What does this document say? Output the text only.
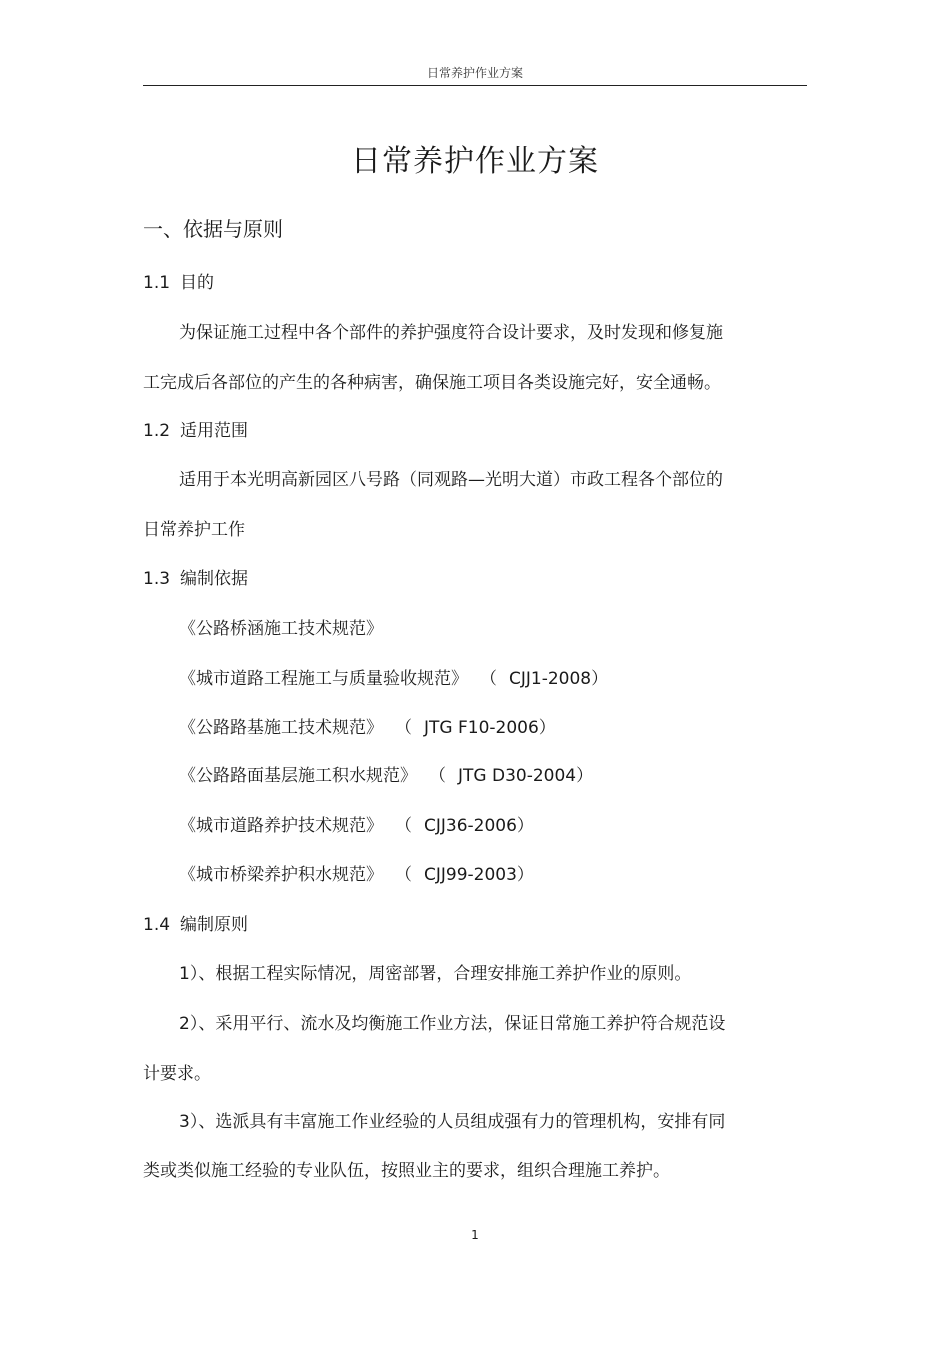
日常养护作业方案
日常养护作业方案
一、依据与原则
1.1 目的
为保证施工过程中各个部件的养护强度符合设计要求，及时发现和修复施
工完成后各部位的产生的各种病害，确保施工项目各类设施完好，安全通畅。
1.2 适用范围
适用于本光明高新园区八号路（同观路—光明大道）市政工程各个部位的
日常养护工作
1.3 编制依据
《公路桥涵施工技术规范》
《城市道路工程施工与质量验收规范》 （ CJJ1-2008）
《公路路基施工技术规范》 （ JTG F10-2006）
《公路路面基层施工积水规范》 （ JTG D30-2004）
《城市道路养护技术规范》 （ CJJ36-2006）
《城市桥梁养护积水规范》 （ CJJ99-2003）
1.4 编制原则
1）、根据工程实际情况，周密部署，合理安排施工养护作业的原则。
2）、采用平行、流水及均衡施工作业方法，保证日常施工养护符合规范设
计要求。
3）、选派具有丰富施工作业经验的人员组成强有力的管理机构，安排有同
类或类似施工经验的专业队伍，按照业主的要求，组织合理施工养护。
1
